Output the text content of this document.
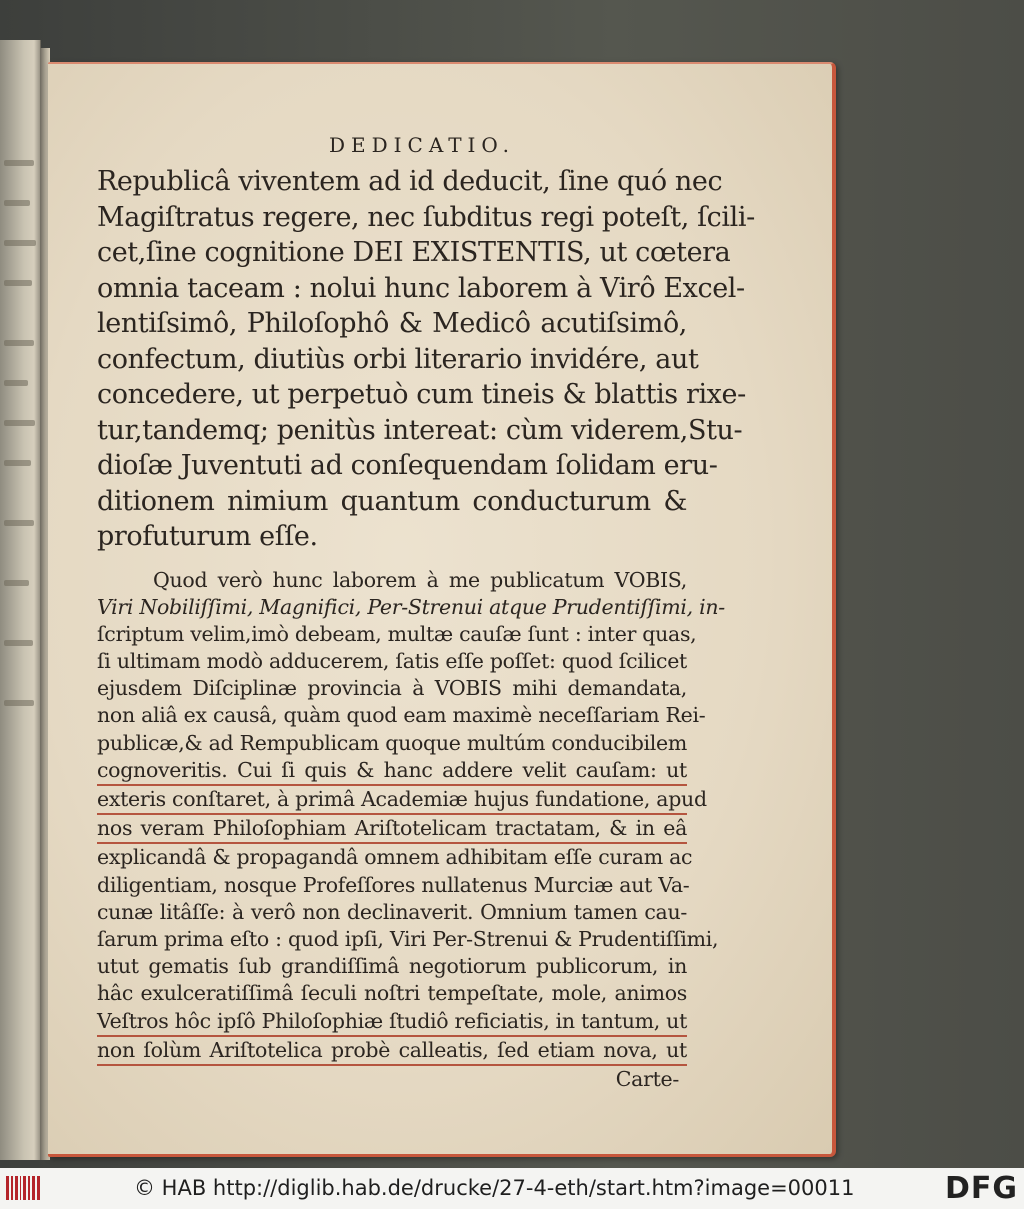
DEDICATIO.
Republicâ viventem ad id deducit, ſine quó nec
Magiſtratus regere, nec ſubditus regi poteſt, ſcili-
cet,ſine cognitione DEI EXISTENTIS, ut cœtera
omnia taceam : nolui hunc laborem à Virô Excel-
lentiſsimô, Philoſophô & Medicô acutiſsimô,
confectum, diutiùs orbi literario invidére, aut
concedere, ut perpetuò cum tineis & blattis rixe-
tur,tandemq; penitùs intereat: cùm viderem,Stu-
dioſæ Juventuti ad conſequendam ſolidam eru-
ditionem nimium quantum conducturum &
profuturum eſſe.
Quod verò hunc laborem à me publicatum VOBIS,
Viri Nobiliſſimi, Magnifici, Per-Strenui atque Prudentiſſimi, in-
ſcriptum velim,imò debeam, multæ cauſæ ſunt : inter quas,
ſi ultimam modò adducerem, ſatis eſſe poſſet: quod ſcilicet
ejusdem Diſciplinæ provincia à VOBIS mihi demandata,
non aliâ ex causâ, quàm quod eam maximè neceſſariam Rei-
publicæ,& ad Rempublicam quoque multúm conducibilem
cognoveritis. Cui ſi quis & hanc addere velit cauſam: ut
exteris conſtaret, à primâ Academiæ hujus fundatione, apud
nos veram Philoſophiam Ariſtotelicam tractatam, & in eâ
explicandâ & propagandâ omnem adhibitam eſſe curam ac
diligentiam, nosque Profeſſores nullatenus Murciæ aut Va-
cunæ litâſſe: à verô non declinaverit. Omnium tamen cau-
ſarum prima eſto : quod ipſi, Viri Per-Strenui & Prudentiſſimi,
utut gematis ſub grandiſſimâ negotiorum publicorum, in
hâc exulceratiſſimâ ſeculi noſtri tempeſtate, mole, animos
Veſtros hôc ipſô Philoſophiæ ſtudiô reficiatis, in tantum, ut
non ſolùm Ariſtotelica probè calleatis, ſed etiam nova, ut
Carte-
© HAB http://diglib.hab.de/drucke/27-4-eth/start.htm?image=00011	DFG
